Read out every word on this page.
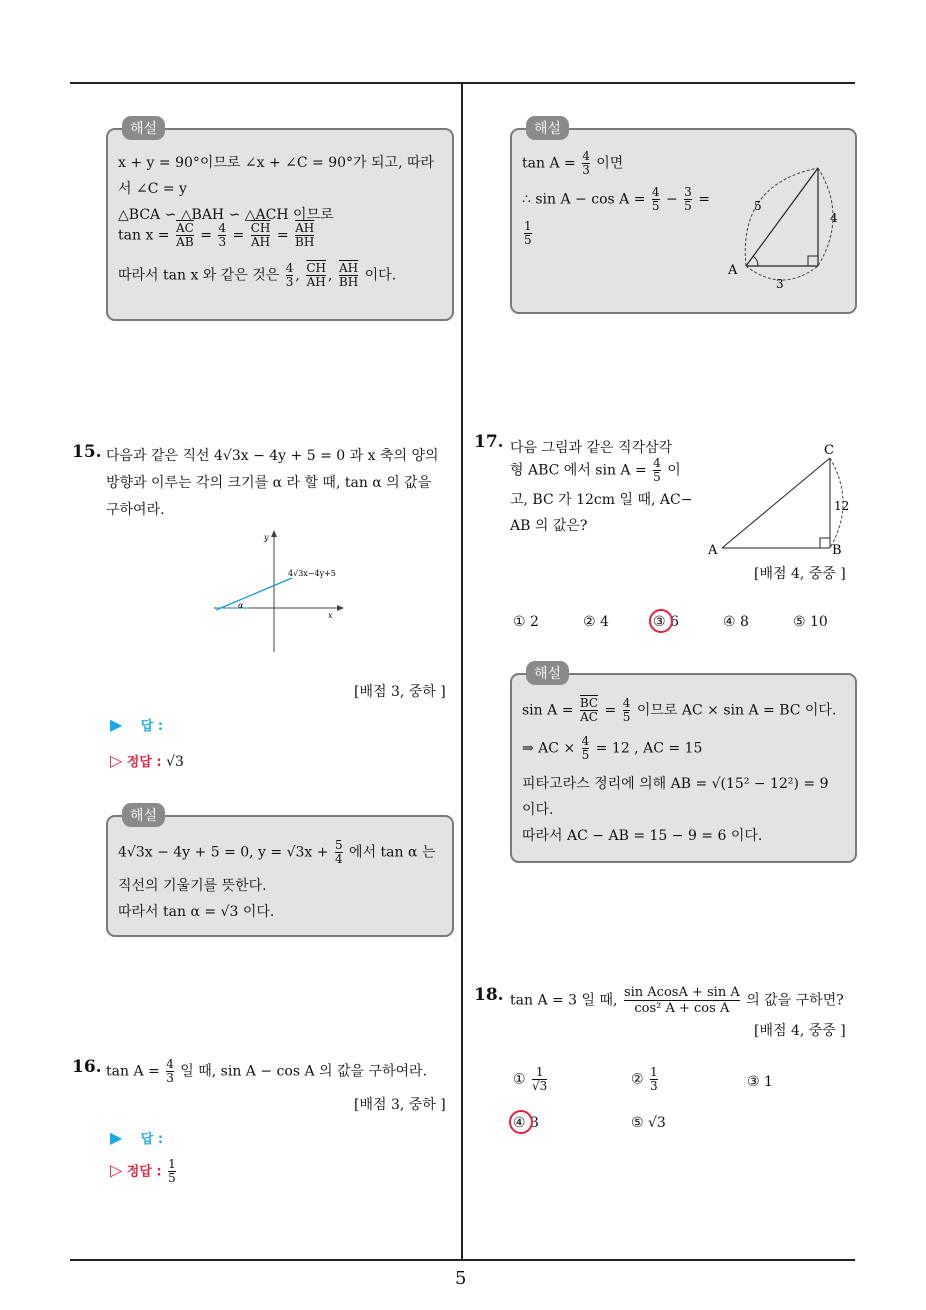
5
해설
x + y = 90°이므로 ∠x + ∠C = 90°가 되고, 따라
서 ∠C = y
△BCA ∽ △BAH ∽ △ACH 이므로
$\tan x = \frac{\overline{AC}}{AB} = \frac{4}{3} = \frac{\overline{CH}}{AH} = \frac{\overline{AH}}{BH}$
따라서 tan x 와 같은 것은 $\frac{4}{3}$ , $\frac{\overline{CH}}{AH}$ , $\frac{\overline{AH}}{BH}$ 이다.
15. 다음과 같은 직선 4√3x − 4y + 5 = 0 과 x 축의 양의
방향과 이루는 각의 크기를 α 라 할 때, tan α 의 값을
구하여라.
y
x
4√3x−4y+5
α
[배점 3, 중하 ]
▶ 답 :
▷ 정답 : √3
해설
4√3x − 4y + 5 = 0, $y = √3x + \frac{5}{4}$ 에서 tan α 는
직선의 기울기를 뜻한다.
따라서 tan α = √3 이다.
16. $\tan A = \frac{4}{3}$ 일 때, sin A − cos A 의 값을 구하여라.
[배점 3, 중하 ]
▶ 답 :
▷ 정답 : $\frac{1}{5}$
해설
$\tan A = \frac{4}{3}$ 이면
∴ $\sin A - \cos A = \frac{4}{5} - \frac{3}{5}$ =
$\frac{1}{5}$
5
4
3
A
17. 다음 그림과 같은 직각삼각
형 ABC 에서 $\sin A = \frac{4}{5}$ 이
고, BC 가 12cm 일 때, AC−
AB 의 값은?
A	B
C
12
[배점 4, 중중 ]
① 2	② 4	③ 6	④ 8	⑤ 10
해설
$\sin A = \frac{\overline{BC}}{AC} = \frac{4}{5}$ 이므로 AC × sin A = BC 이다.
⇒ AC × $\frac{4}{5} = 12$ , AC = 15
피타고라스 정리에 의해 AB = √(15² − 12²) = 9
이다.
따라서 AC − AB = 15 − 9 = 6 이다.
18. tan A = 3 일 때, $\frac{\text{sin AcosA + sin A}}{\text{cos² A + cos A}}$ 의 값을 구하면?
[배점 4, 중중 ]
① $\frac{1}{√3}$	② $\frac{1}{3}$	③ 1
④ 3	⑤ √3
